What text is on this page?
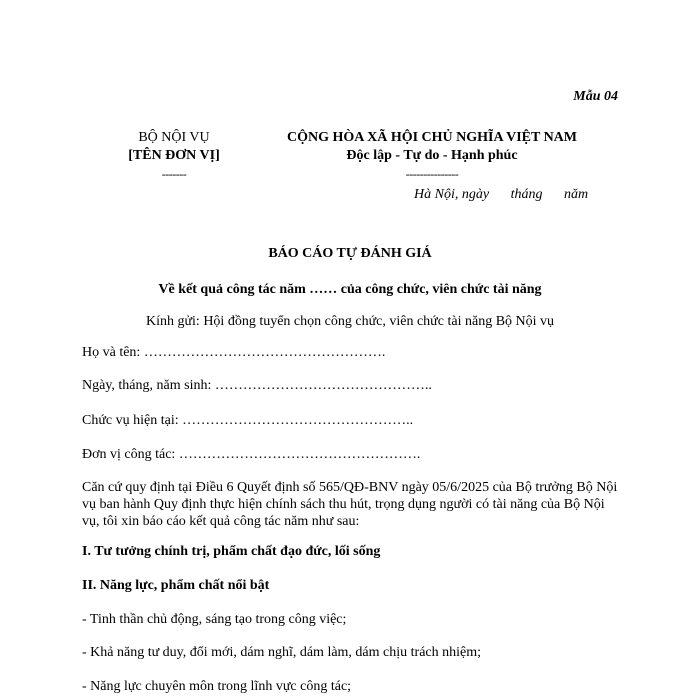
Mẫu 04
BỘ NỘI VỤ
[TÊN ĐƠN VỊ]
-------
CỘNG HÒA XÃ HỘI CHỦ NGHĨA VIỆT NAM
Độc lập - Tự do - Hạnh phúc
---------------
Hà Nội, ngày tháng năm
BÁO CÁO TỰ ĐÁNH GIÁ
Về kết quả công tác năm …… của công chức, viên chức tài năng
Kính gửi: Hội đồng tuyển chọn công chức, viên chức tài năng Bộ Nội vụ
Họ và tên: …………………………………………….
Ngày, tháng, năm sinh: ………………………………………..
Chức vụ hiện tại: …………………………………………..
Đơn vị công tác: …………………………………………….
Căn cứ quy định tại Điều 6 Quyết định số 565/QĐ-BNV ngày 05/6/2025 của Bộ trưởng Bộ Nội vụ ban hành Quy định thực hiện chính sách thu hút, trọng dụng người có tài năng của Bộ Nội vụ, tôi xin báo cáo kết quả công tác năm như sau:
I. Tư tưởng chính trị, phẩm chất đạo đức, lối sống
II. Năng lực, phẩm chất nổi bật
- Tinh thần chủ động, sáng tạo trong công việc;
- Khả năng tư duy, đổi mới, dám nghĩ, dám làm, dám chịu trách nhiệm;
- Năng lực chuyên môn trong lĩnh vực công tác;
